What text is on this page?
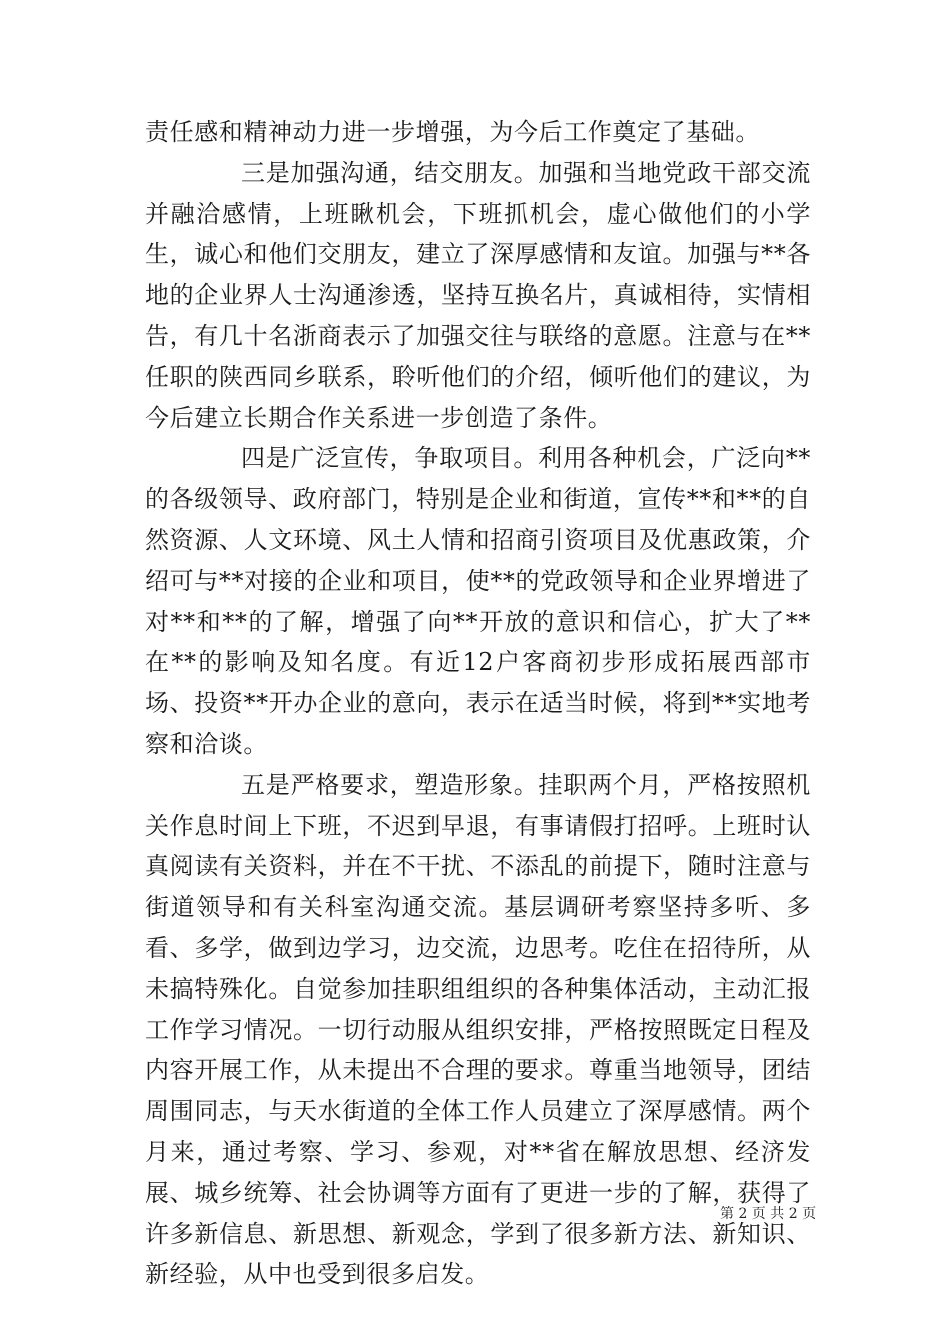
责任感和精神动力进一步增强，为今后工作奠定了基础。

三是加强沟通，结交朋友。加强和当地党政干部交流并融洽感情，上班瞅机会，下班抓机会，虚心做他们的小学生，诚心和他们交朋友，建立了深厚感情和友谊。加强与**各地的企业界人士沟通渗透，坚持互换名片，真诚相待，实情相告，有几十名浙商表示了加强交往与联络的意愿。注意与在**任职的陕西同乡联系，聆听他们的介绍，倾听他们的建议，为今后建立长期合作关系进一步创造了条件。

四是广泛宣传，争取项目。利用各种机会，广泛向**的各级领导、政府部门，特别是企业和街道，宣传**和**的自然资源、人文环境、风土人情和招商引资项目及优惠政策，介绍可与**对接的企业和项目，使**的党政领导和企业界增进了对**和**的了解，增强了向**开放的意识和信心，扩大了**在**的影响及知名度。有近12户客商初步形成拓展西部市场、投资**开办企业的意向，表示在适当时候，将到**实地考察和洽谈。

五是严格要求，塑造形象。挂职两个月，严格按照机关作息时间上下班，不迟到早退，有事请假打招呼。上班时认真阅读有关资料，并在不干扰、不添乱的前提下，随时注意与街道领导和有关科室沟通交流。基层调研考察坚持多听、多看、多学，做到边学习，边交流，边思考。吃住在招待所，从未搞特殊化。自觉参加挂职组组织的各种集体活动，主动汇报工作学习情况。一切行动服从组织安排，严格按照既定日程及内容开展工作，从未提出不合理的要求。尊重当地领导，团结周围同志，与天水街道的全体工作人员建立了深厚感情。两个月来，通过考察、学习、参观，对**省在解放思想、经济发展、城乡统筹、社会协调等方面有了更进一步的了解，获得了许多新信息、新思想、新观念，学到了很多新方法、新知识、新经验，从中也受到很多启发。

第 2 页 共 2 页
